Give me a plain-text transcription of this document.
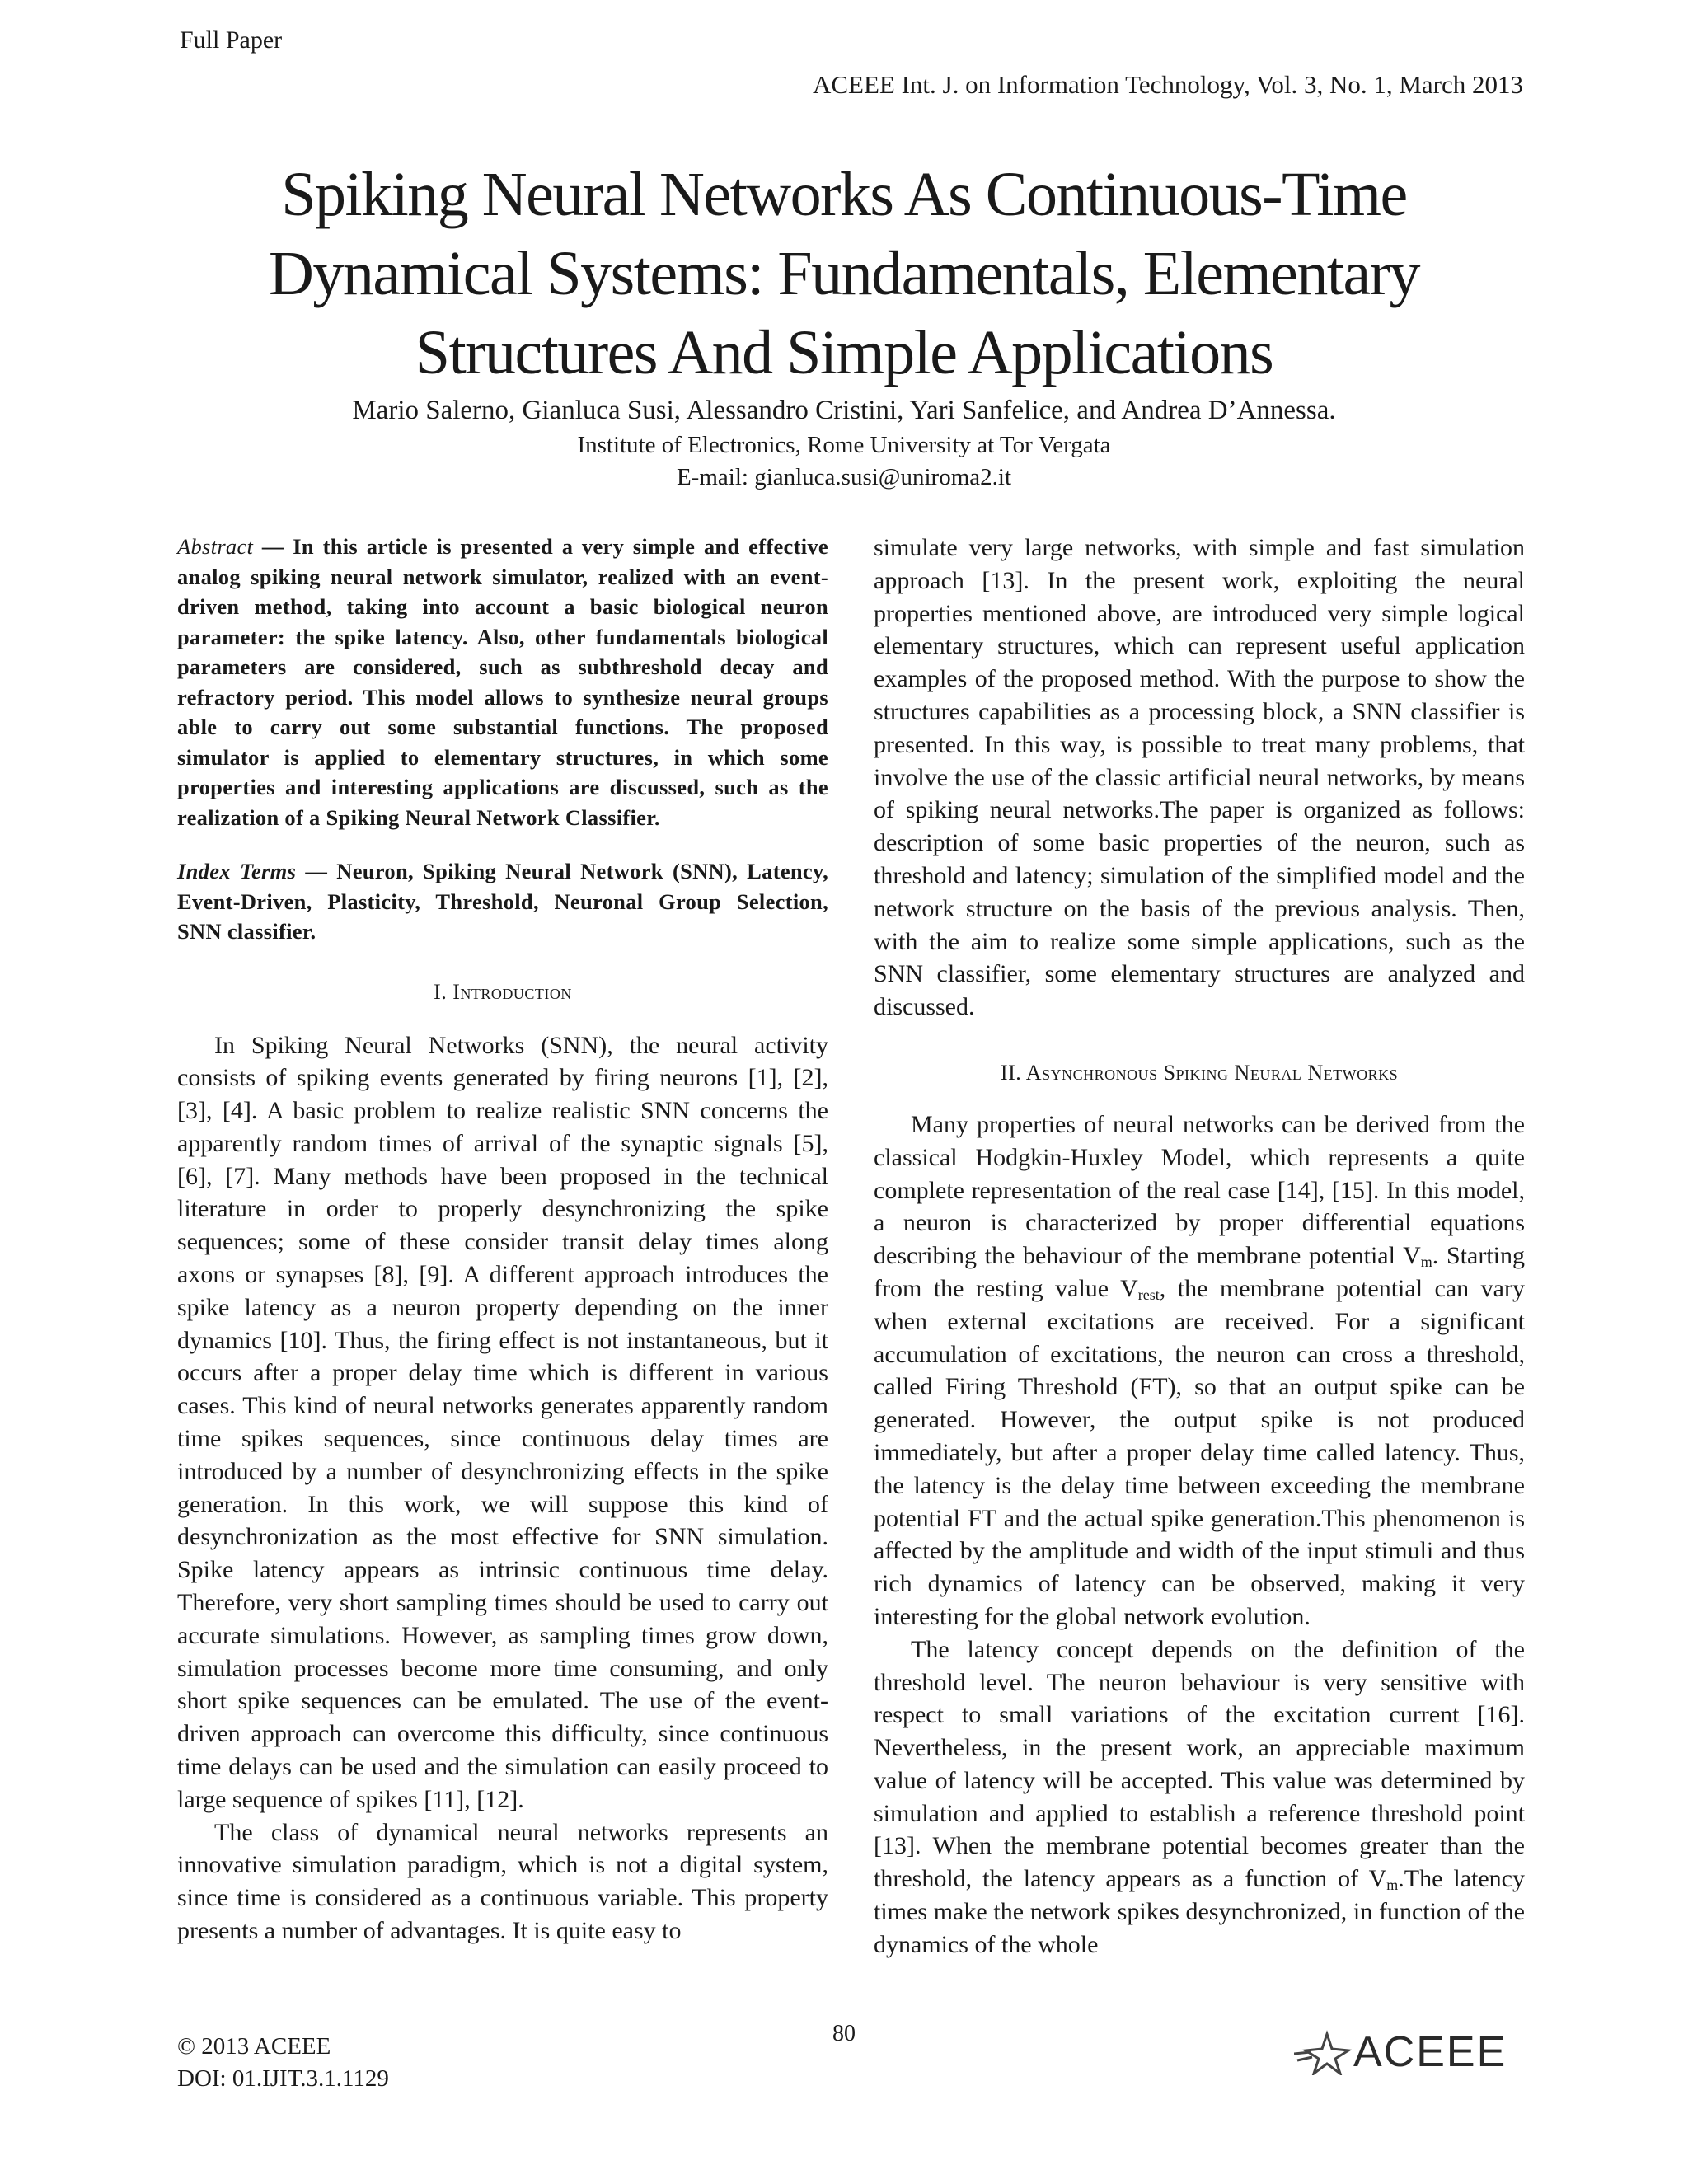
Full Paper
ACEEE Int. J. on Information Technology, Vol. 3, No. 1, March 2013
Spiking Neural Networks As Continuous-Time
Dynamical Systems: Fundamentals, Elementary
Structures And Simple Applications
Mario Salerno, Gianluca Susi, Alessandro Cristini, Yari Sanfelice, and Andrea D’Annessa.
Institute of Electronics, Rome University at Tor Vergata
E-mail: gianluca.susi@uniroma2.it
Abstract — In this article is presented a very simple and effective analog spiking neural network simulator, realized with an event-driven method, taking into account a basic biological neuron parameter: the spike latency. Also, other fundamentals biological parameters are considered, such as subthreshold decay and refractory period. This model allows to synthesize neural groups able to carry out some substantial functions. The proposed simulator is applied to elementary structures, in which some properties and interesting applications are discussed, such as the realization of a Spiking Neural Network Classifier.
Index Terms — Neuron, Spiking Neural Network (SNN), Latency, Event-Driven, Plasticity, Threshold, Neuronal Group Selection, SNN classifier.
I. Introduction

In Spiking Neural Networks (SNN), the neural activity consists of spiking events generated by firing neurons [1], [2], [3], [4]. A basic problem to realize realistic SNN concerns the apparently random times of arrival of the synaptic signals [5], [6], [7]. Many methods have been proposed in the technical literature in order to properly desynchronizing the spike sequences; some of these consider transit delay times along axons or synapses [8], [9]. A different approach introduces the spike latency as a neuron property depending on the inner dynamics [10]. Thus, the firing effect is not instantaneous, but it occurs after a proper delay time which is different in various cases. This kind of neural networks generates apparently random time spikes sequences, since continuous delay times are introduced by a number of desynchronizing effects in the spike generation. In this work, we will suppose this kind of desynchronization as the most effective for SNN simulation. Spike latency appears as intrinsic continuous time delay. Therefore, very short sampling times should be used to carry out accurate simulations. However, as sampling times grow down, simulation processes become more time consuming, and only short spike sequences can be emulated. The use of the event-driven approach can overcome this difficulty, since continuous time delays can be used and the simulation can easily proceed to large sequence of spikes [11], [12].

The class of dynamical neural networks represents an innovative simulation paradigm, which is not a digital system, since time is considered as a continuous variable. This property presents a number of advantages. It is quite easy to

simulate very large networks, with simple and fast simulation approach [13]. In the present work, exploiting the neural properties mentioned above, are introduced very simple logical elementary structures, which can represent useful application examples of the proposed method. With the purpose to show the structures capabilities as a processing block, a SNN classifier is presented. In this way, is possible to treat many problems, that involve the use of the classic artificial neural networks, by means of spiking neural networks.The paper is organized as follows: description of some basic properties of the neuron, such as threshold and latency; simulation of the simplified model and the network structure on the basis of the previous analysis. Then, with the aim to realize some simple applications, such as the SNN classifier, some elementary structures are analyzed and discussed.

II. Asynchronous Spiking Neural Networks

Many properties of neural networks can be derived from the classical Hodgkin-Huxley Model, which represents a quite complete representation of the real case [14], [15]. In this model, a neuron is characterized by proper differential equations describing the behaviour of the membrane potential $V_m$. Starting from the resting value $V_{rest}$, the membrane potential can vary when external excitations are received. For a significant accumulation of excitations, the neuron can cross a threshold, called Firing Threshold (FT), so that an output spike can be generated. However, the output spike is not produced immediately, but after a proper delay time called latency. Thus, the latency is the delay time between exceeding the membrane potential FT and the actual spike generation.This phenomenon is affected by the amplitude and width of the input stimuli and thus rich dynamics of latency can be observed, making it very interesting for the global network evolution.

The latency concept depends on the definition of the threshold level. The neuron behaviour is very sensitive with respect to small variations of the excitation current [16]. Nevertheless, in the present work, an appreciable maximum value of latency will be accepted. This value was determined by simulation and applied to establish a reference threshold point [13]. When the membrane potential becomes greater than the threshold, the latency appears as a function of $V_m.The$ latency times make the network spikes desynchronized, in function of the dynamics of the whole

80
© 2013 ACEEE
DOI: 01.IJIT.3.1.1129
ACEEE
